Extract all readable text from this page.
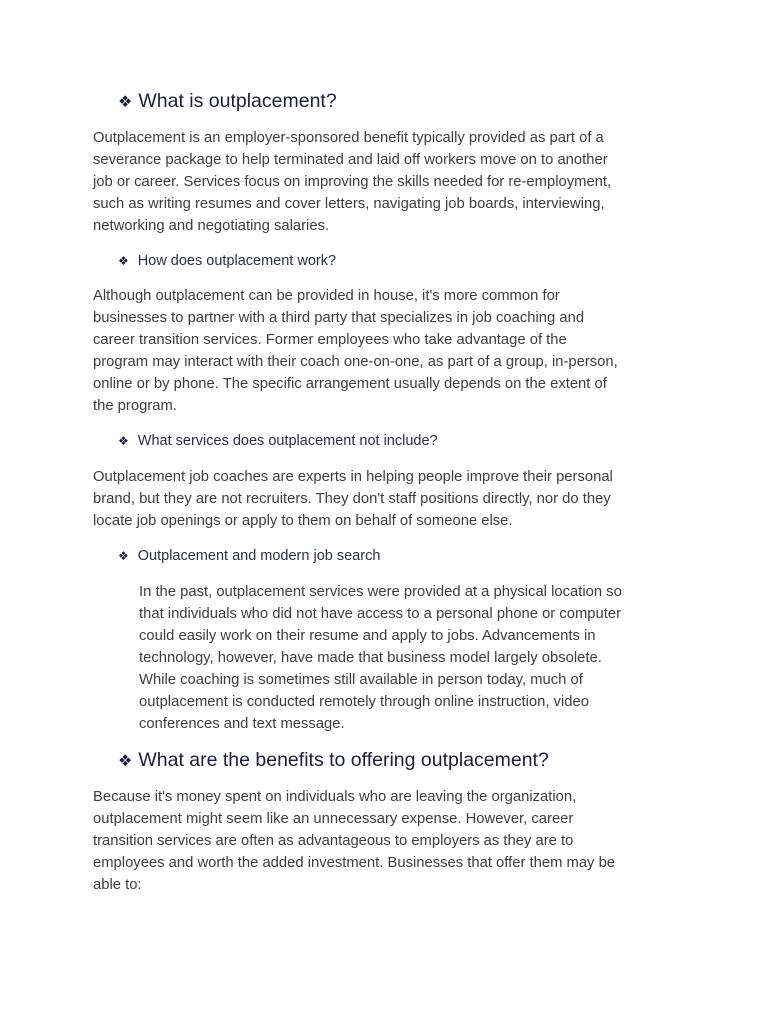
❖ What is outplacement?
Outplacement is an employer-sponsored benefit typically provided as part of a
severance package to help terminated and laid off workers move on to another
job or career. Services focus on improving the skills needed for re-employment,
such as writing resumes and cover letters, navigating job boards, interviewing,
networking and negotiating salaries.
❖ How does outplacement work?
Although outplacement can be provided in house, it's more common for
businesses to partner with a third party that specializes in job coaching and
career transition services. Former employees who take advantage of the
program may interact with their coach one-on-one, as part of a group, in-person,
online or by phone. The specific arrangement usually depends on the extent of
the program.
❖ What services does outplacement not include?
Outplacement job coaches are experts in helping people improve their personal
brand, but they are not recruiters. They don't staff positions directly, nor do they
locate job openings or apply to them on behalf of someone else.
❖ Outplacement and modern job search
In the past, outplacement services were provided at a physical location so
that individuals who did not have access to a personal phone or computer
could easily work on their resume and apply to jobs. Advancements in
technology, however, have made that business model largely obsolete.
While coaching is sometimes still available in person today, much of
outplacement is conducted remotely through online instruction, video
conferences and text message.
❖ What are the benefits to offering outplacement?
Because it's money spent on individuals who are leaving the organization,
outplacement might seem like an unnecessary expense. However, career
transition services are often as advantageous to employers as they are to
employees and worth the added investment. Businesses that offer them may be
able to:
